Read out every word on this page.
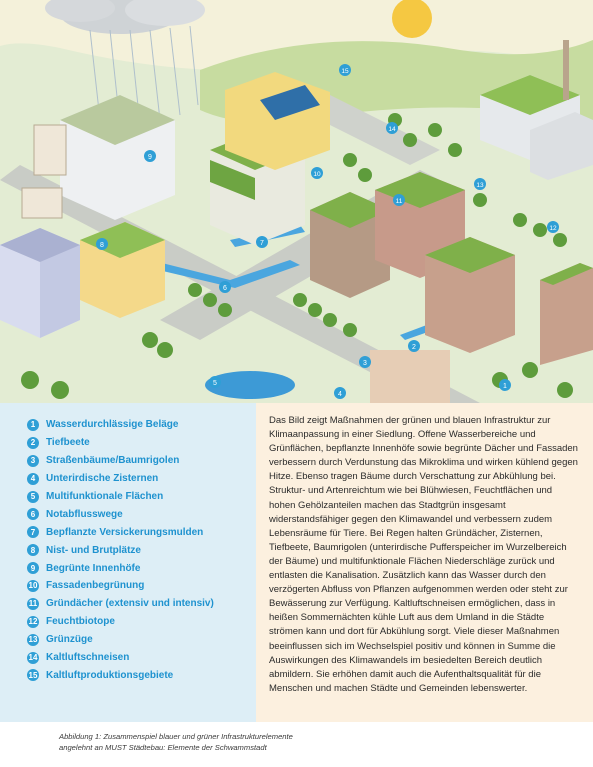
1
2
3
4
5
6
7
8
9
10
11
12
13
14
15
1	Wasserdurchlässige Beläge
2	Tiefbeete
3	Straßenbäume/Baumrigolen
4	Unterirdische Zisternen
5	Multifunktionale Flächen
6	Notabflusswege
7	Bepflanzte Versickerungsmulden
8	Nist- und Brutplätze
9	Begrünte Innenhöfe
10 Fassadenbegrünung
11 Gründächer (extensiv und intensiv)
12 Feuchtbiotope
13 Grünzüge
14 Kaltluftschneisen
15 Kaltluftproduktionsgebiete

Das Bild zeigt Maßnahmen der grünen und blauen Infrastruktur zur Klimaanpassung in einer Siedlung. Offene Wasserbereiche und Grünflächen, bepflanzte Innenhöfe sowie begrünte Dächer und Fassaden verbessern durch Verdunstung das Mikroklima und wirken kühlend gegen Hitze. Ebenso tragen Bäume durch Verschattung zur Abkühlung bei. Struktur- und Artenreichtum wie bei Blühwiesen, Feuchtflächen und hohen Gehölzanteilen machen das Stadtgrün insgesamt widerstandsfähiger gegen den Klimawandel und verbessern zudem Lebensräume für Tiere. Bei Regen halten Gründächer, Zisternen, Tiefbeete, Baumrigolen (unterirdische Pufferspeicher im Wurzelbereich der Bäume) und multifunktionale Flächen Niederschläge zurück und entlasten die Kanalisation. Zusätzlich kann das Wasser durch den verzögerten Abfluss von Pflanzen aufgenommen werden oder steht zur Bewässerung zur Verfügung. Kaltluftschneisen ermöglichen, dass in heißen Sommernächten kühle Luft aus dem Umland in die Städte strömen kann und dort für Abkühlung sorgt. Viele dieser Maßnahmen beeinflussen sich im Wechselspiel positiv und können in Summe die Auswirkungen des Klimawandels im besiedelten Bereich deutlich abmildern. Sie erhöhen damit auch die Aufenthaltsqualität für die Menschen und machen Städte und Gemeinden lebenswerter.

Abbildung 1: Zusammenspiel blauer und grüner Infrastrukturelemente
angelehnt an MUST Städtebau: Elemente der Schwammstadt
